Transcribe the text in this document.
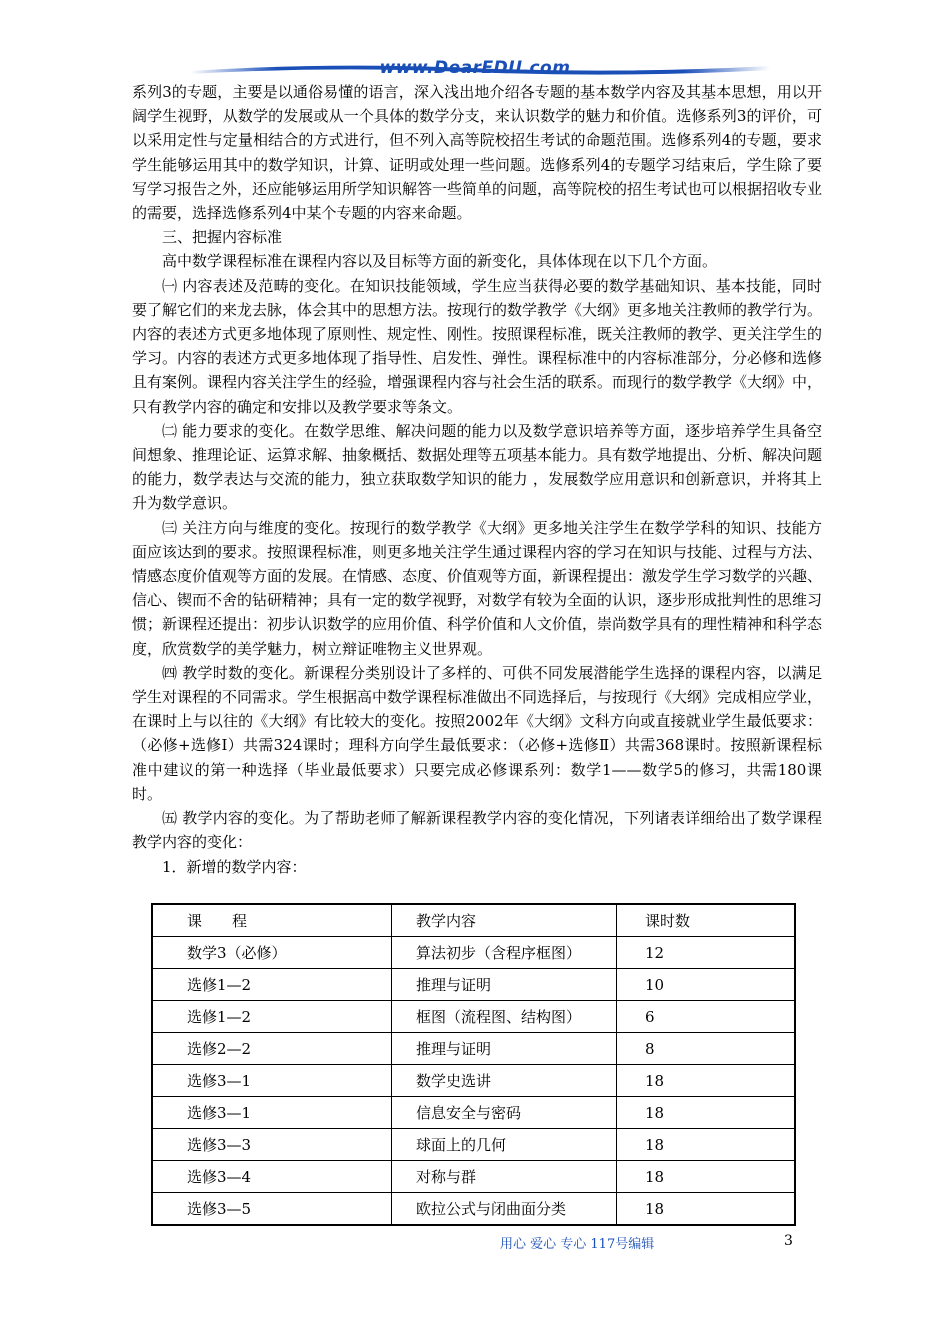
www.DearEDU.com

系列3的专题，主要是以通俗易懂的语言，深入浅出地介绍各专题的基本数学内容及其基本思想，用以开阔学生视野，从数学的发展或从一个具体的数学分支，来认识数学的魅力和价值。选修系列3的评价，可以采用定性与定量相结合的方式进行，但不列入高等院校招生考试的命题范围。选修系列4的专题，要求学生能够运用其中的数学知识，计算、证明或处理一些问题。选修系列4的专题学习结束后，学生除了要写学习报告之外，还应能够运用所学知识解答一些简单的问题，高等院校的招生考试也可以根据招收专业的需要，选择选修系列4中某个专题的内容来命题。

三、把握内容标准

高中数学课程标准在课程内容以及目标等方面的新变化，具体体现在以下几个方面。

㈠ 内容表述及范畴的变化。在知识技能领域，学生应当获得必要的数学基础知识、基本技能，同时要了解它们的来龙去脉，体会其中的思想方法。按现行的数学教学《大纲》更多地关注教师的教学行为。内容的表述方式更多地体现了原则性、规定性、刚性。按照课程标准，既关注教师的教学、更关注学生的学习。内容的表述方式更多地体现了指导性、启发性、弹性。课程标准中的内容标准部分，分必修和选修且有案例。课程内容关注学生的经验，增强课程内容与社会生活的联系。而现行的数学教学《大纲》中，只有教学内容的确定和安排以及教学要求等条文。

㈡ 能力要求的变化。在数学思维、解决问题的能力以及数学意识培养等方面，逐步培养学生具备空间想象、推理论证、运算求解、抽象概括、数据处理等五项基本能力。具有数学地提出、分析、解决问题的能力，数学表达与交流的能力，独立获取数学知识的能力 ，发展数学应用意识和创新意识，并将其上升为数学意识。

㈢ 关注方向与维度的变化。按现行的数学教学《大纲》更多地关注学生在数学学科的知识、技能方面应该达到的要求。按照课程标准，则更多地关注学生通过课程内容的学习在知识与技能、过程与方法、情感态度价值观等方面的发展。在情感、态度、价值观等方面，新课程提出：激发学生学习数学的兴趣、信心、锲而不舍的钻研精神；具有一定的数学视野，对数学有较为全面的认识，逐步形成批判性的思维习惯；新课程还提出：初步认识数学的应用价值、科学价值和人文价值，崇尚数学具有的理性精神和科学态度，欣赏数学的美学魅力，树立辩证唯物主义世界观。

㈣ 教学时数的变化。新课程分类别设计了多样的、可供不同发展潜能学生选择的课程内容，以满足学生对课程的不同需求。学生根据高中数学课程标准做出不同选择后，与按现行《大纲》完成相应学业，在课时上与以往的《大纲》有比较大的变化。按照2002年《大纲》文科方向或直接就业学生最低要求：（必修+选修Ⅰ）共需324课时；理科方向学生最低要求：（必修+选修Ⅱ）共需368课时。按照新课程标准中建议的第一种选择（毕业最低要求）只要完成必修课系列：数学1——数学5的修习，共需180课时。

㈤ 教学内容的变化。为了帮助老师了解新课程教学内容的变化情况，下列诸表详细给出了数学课程教学内容的变化：

1．新增的数学内容：

课　　程	教学内容	课时数
数学3（必修）	算法初步（含程序框图）	12
选修1—2	推理与证明	10
选修1—2	框图（流程图、结构图）	6
选修2—2	推理与证明	8
选修3—1	数学史选讲	18
选修3—1	信息安全与密码	18
选修3—3	球面上的几何	18
选修3—4	对称与群	18
选修3—5	欧拉公式与闭曲面分类	18
用心 爱心 专心 117号编辑	3
